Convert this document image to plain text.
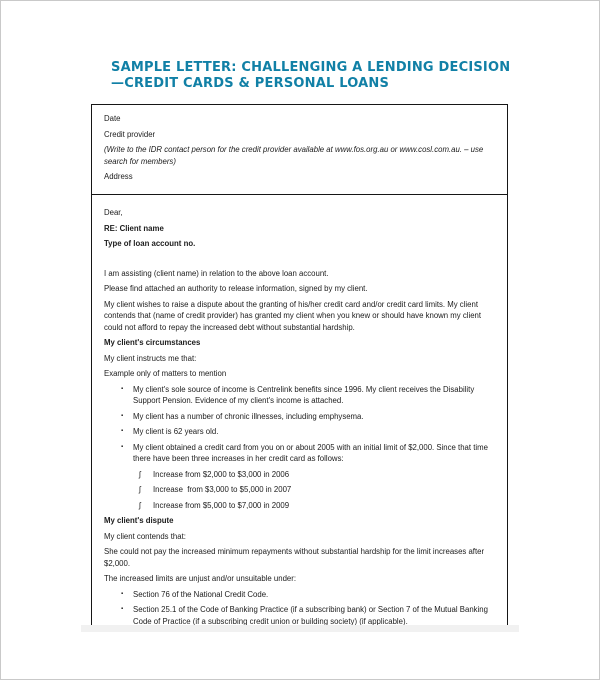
SAMPLE LETTER: CHALLENGING A LENDING DECISION
—CREDIT CARDS & PERSONAL LOANS
Date
Credit provider
(Write to the IDR contact person for the credit provider available at www.fos.org.au or www.cosl.com.au. – use search for members)
Address

Dear,

RE: Client name

Type of loan account no.

I am assisting (client name) in relation to the above loan account.

Please find attached an authority to release information, signed by my client.

My client wishes to raise a dispute about the granting of his/her credit card and/or credit card limits. My client contends that (name of credit provider) has granted my client when you knew or should have known my client could not afford to repay the increased debt without substantial hardship.

My client's circumstances

My client instructs me that:

Example only of matters to mention

▪	My client's sole source of income is Centrelink benefits since 1996. My client receives the Disability Support Pension. Evidence of my client's income is attached.
▪	My client has a number of chronic illnesses, including emphysema.
▪	My client is 62 years old.
▪	My client obtained a credit card from you on or about 2005 with an initial limit of $2,000. Since that time there have been three increases in her credit card as follows:
ʃ	Increase from $2,000 to $3,000 in 2006
ʃ	Increase  from $3,000 to $5,000 in 2007
ʃ	Increase from $5,000 to $7,000 in 2009

My client's dispute

My client contends that:

She could not pay the increased minimum repayments without substantial hardship for the limit increases after $2,000.

The increased limits are unjust and/or unsuitable under:

▪	Section 76 of the National Credit Code.
▪	Section 25.1 of the Code of Banking Practice (if a subscribing bank) or Section 7 of the Mutual Banking Code of Practice (if a subscribing credit union or building society) (if applicable).
